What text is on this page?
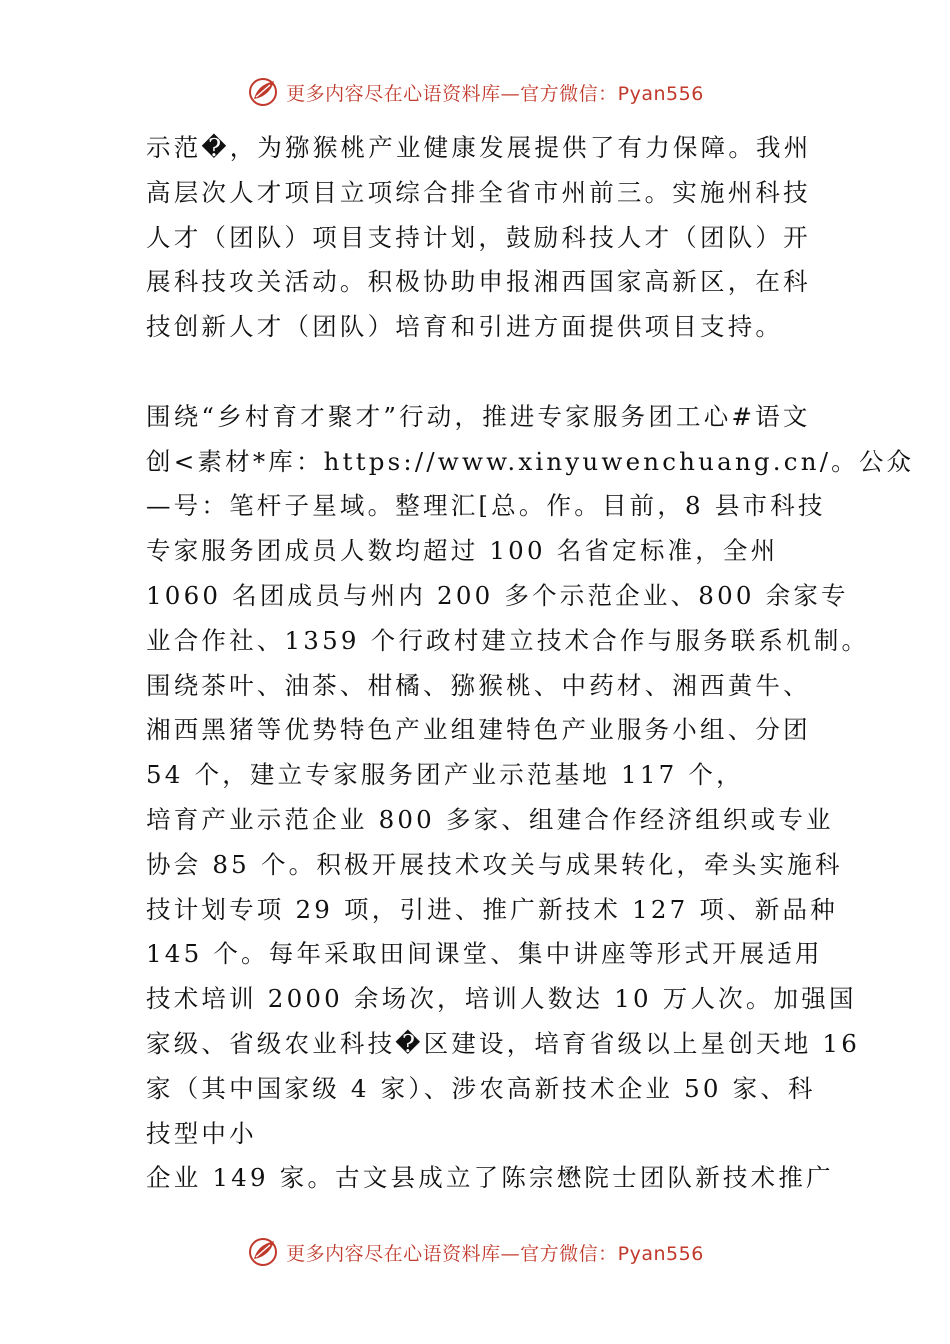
更多内容尽在心语资料库—官方微信：Pyan556
示范�，为猕猴桃产业健康发展提供了有力保障。我州
高层次人才项目立项综合排全省市州前三。实施州科技
人才（团队）项目支持计划，鼓励科技人才（团队）开
展科技攻关活动。积极协助申报湘西国家高新区，在科
技创新人才（团队）培育和引进方面提供项目支持。
围绕“乡村育才聚才”行动，推进专家服务团工心#语文
创<素材*库：https://www.xinyuwenchuang.cn/。公众
—号：笔杆子星域。整理汇[总。作。目前，8 县市科技
专家服务团成员人数均超过 100 名省定标准，全州
1060 名团成员与州内 200 多个示范企业、800 余家专
业合作社、1359 个行政村建立技术合作与服务联系机制。
围绕茶叶、油茶、柑橘、猕猴桃、中药材、湘西黄牛、
湘西黑猪等优势特色产业组建特色产业服务小组、分团
54 个，建立专家服务团产业示范基地 117 个，
培育产业示范企业 800 多家、组建合作经济组织或专业
协会 85 个。积极开展技术攻关与成果转化，牵头实施科
技计划专项 29 项，引进、推广新技术 127 项、新品种
145 个。每年采取田间课堂、集中讲座等形式开展适用
技术培训 2000 余场次，培训人数达 10 万人次。加强国
家级、省级农业科技�区建设，培育省级以上星创天地 16
家（其中国家级 4 家）、涉农高新技术企业 50 家、科
技型中小
企业 149 家。古文县成立了陈宗懋院士团队新技术推广
更多内容尽在心语资料库—官方微信：Pyan556
